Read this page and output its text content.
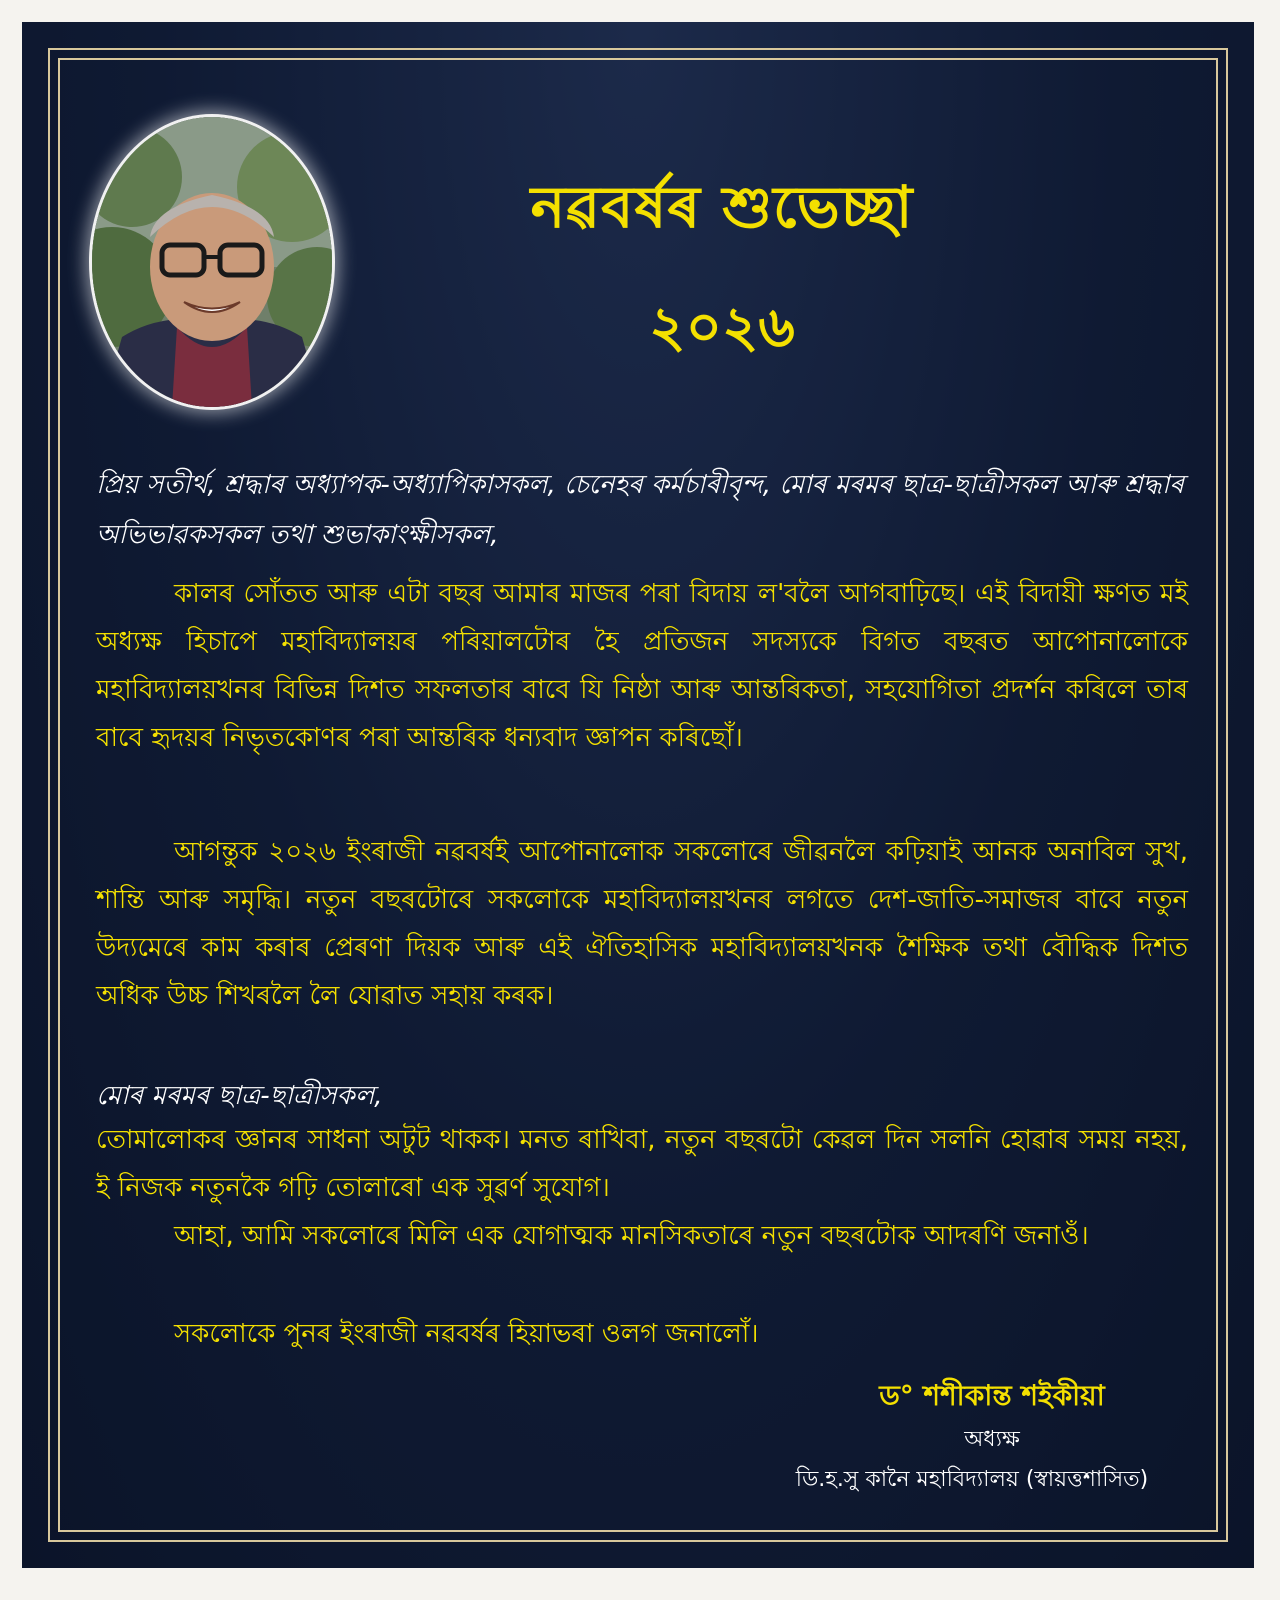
নৱবৰ্ষৰ শুভেচ্ছা
২০২৬
প্ৰিয় সতীৰ্থ, শ্ৰদ্ধাৰ অধ্যাপক-অধ্যাপিকাসকল, চেনেহৰ কৰ্মচাৰীবৃন্দ, মোৰ মৰমৰ ছাত্ৰ-ছাত্ৰীসকল আৰু শ্ৰদ্ধাৰ অভিভাৱকসকল তথা শুভাকাংক্ষীসকল,
কালৰ সোঁতত আৰু এটা বছৰ আমাৰ মাজৰ পৰা বিদায় ল'বলৈ আগবাঢ়িছে। এই বিদায়ী ক্ষণত মই অধ্যক্ষ হিচাপে মহাবিদ্যালয়ৰ পৰিয়ালটোৰ হৈ প্ৰতিজন সদস্যকে বিগত বছৰত আপোনালোকে মহাবিদ্যালয়খনৰ বিভিন্ন দিশত সফলতাৰ বাবে যি নিষ্ঠা আৰু আন্তৰিকতা, সহযোগিতা প্ৰদৰ্শন কৰিলে তাৰ বাবে হৃদয়ৰ নিভৃতকোণৰ পৰা আন্তৰিক ধন্যবাদ জ্ঞাপন কৰিছোঁ।
আগন্তুক ২০২৬ ইংৰাজী নৱবৰ্ষই আপোনালোক সকলোৰে জীৱনলৈ কঢ়িয়াই আনক অনাবিল সুখ, শান্তি আৰু সমৃদ্ধি। নতুন বছৰটোৰে সকলোকে মহাবিদ্যালয়খনৰ লগতে দেশ-জাতি-সমাজৰ বাবে নতুন উদ্যমেৰে কাম কৰাৰ প্ৰেৰণা দিয়ক আৰু এই ঐতিহাসিক মহাবিদ্যালয়খনক শৈক্ষিক তথা বৌদ্ধিক দিশত অধিক উচ্চ শিখৰলৈ লৈ যোৱাত সহায় কৰক।
মোৰ মৰমৰ ছাত্ৰ-ছাত্ৰীসকল,
তোমালোকৰ জ্ঞানৰ সাধনা অটুট থাকক। মনত ৰাখিবা, নতুন বছৰটো কেৱল দিন সলনি হোৱাৰ সময় নহয়, ই নিজক নতুনকৈ গঢ়ি তোলাৰো এক সুৱৰ্ণ সুযোগ।
আহা, আমি সকলোৰে মিলি এক যোগাত্মক মানসিকতাৰে নতুন বছৰটোক আদৰণি জনাওঁ।
সকলোকে পুনৰ ইংৰাজী নৱবৰ্ষৰ হিয়াভৰা ওলগ জনালোঁ।
ড° শশীকান্ত শইকীয়া
অধ্যক্ষ
ডি.হ.সু কানৈ মহাবিদ্যালয় (স্বায়ত্তশাসিত)
